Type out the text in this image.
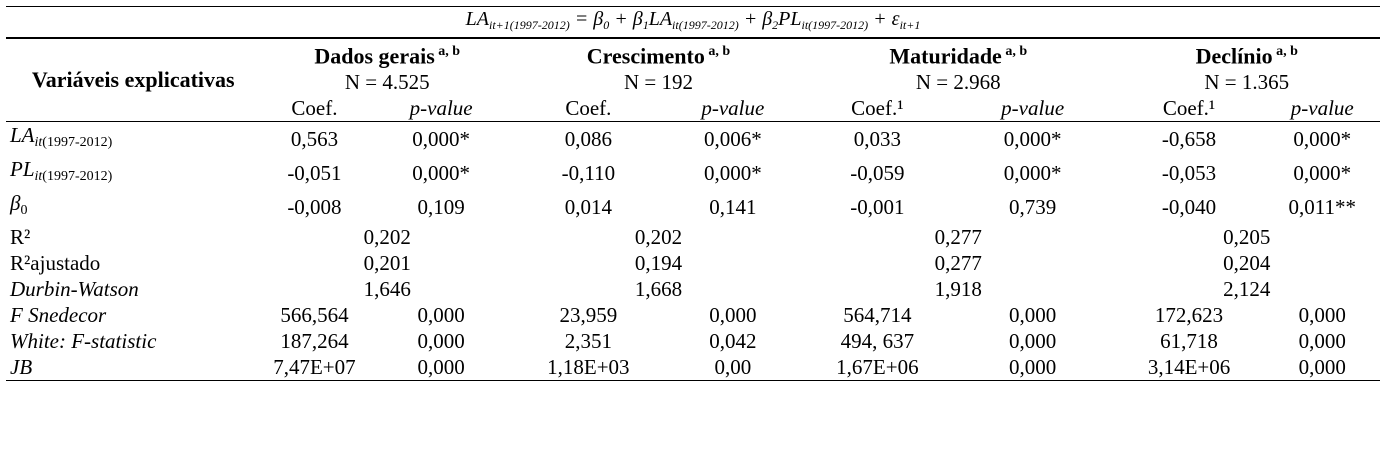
$LA_{it+1(1997-2012)} = \beta_0 + \beta_1LA_{it(1997-2012)} + \beta_2PL_{it(1997-2012)} + \varepsilon_{it+1}$
Variáveis explicativas	Dados gerais $^{a, b}$		Crescimento $^{a, b}$		Maturidade $^{a, b}$		Declínio $^{a, b}$
	N = 4.525		N = 192		N = 2.968		N = 1.365	
	Coef.	p-value	Coef.	p-value	Coef.¹	p-value	Coef.¹	p-value
$LA_{it(1997-2012)}$	0,563	0,000*	0,086	0,006*	0,033	0,000*	-0,658	0,000*
$PL_{it(1997-2012)}$	-0,051	0,000*	-0,110	0,000*	-0,059	0,000*	-0,053	0,000*
$\beta_0$	-0,008	0,109	0,014	0,141	-0,001	0,739	-0,040	0,011**
R²	0,202		0,202		0,277		0,205	
R²ajustado	0,201		0,194		0,277		0,204	
Durbin-Watson	1,646		1,668		1,918		2,124	
F Snedecor	566,564	0,000	23,959	0,000	564,714	0,000	172,623	0,000
White: F-statistic	187,264	0,000	2,351	0,042	494, 637	0,000	61,718	0,000
JB	7,47E+07	0,000	1,18E+03	0,00	1,67E+06	0,000	3,14E+06	0,000
